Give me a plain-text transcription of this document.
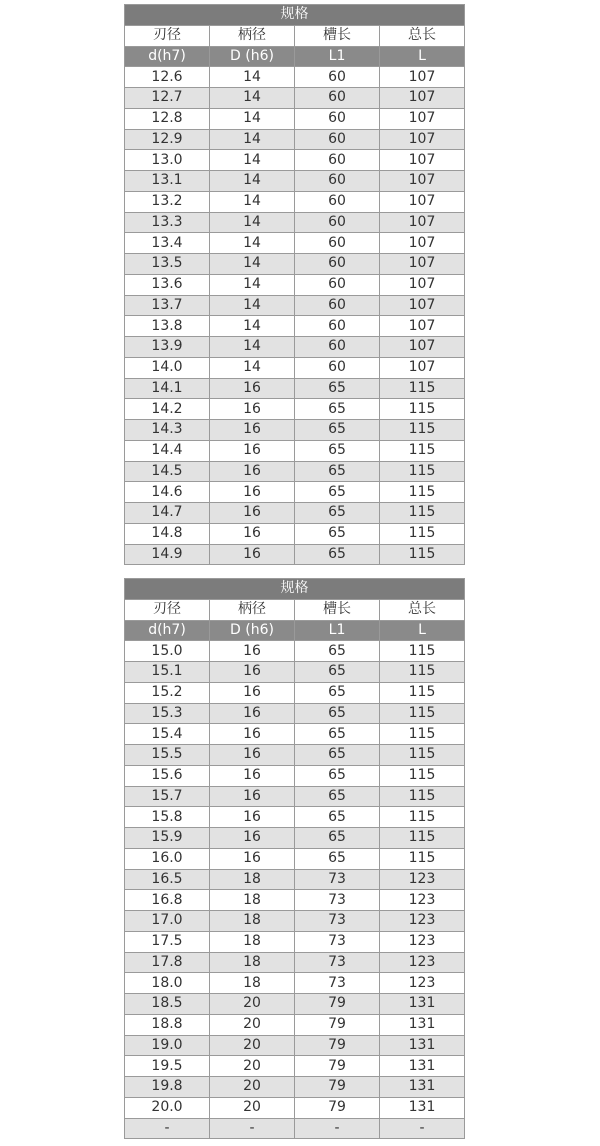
规格			
刃径	柄径	槽长	总长
d(h7)	D (h6)	L1	L
12.6	14	60	107
12.7	14	60	107
12.8	14	60	107
12.9	14	60	107
13.0	14	60	107
13.1	14	60	107
13.2	14	60	107
13.3	14	60	107
13.4	14	60	107
13.5	14	60	107
13.6	14	60	107
13.7	14	60	107
13.8	14	60	107
13.9	14	60	107
14.0	14	60	107
14.1	16	65	115
14.2	16	65	115
14.3	16	65	115
14.4	16	65	115
14.5	16	65	115
14.6	16	65	115
14.7	16	65	115
14.8	16	65	115
14.9	16	65	115
规格			
刃径	柄径	槽长	总长
d(h7)	D (h6)	L1	L
15.0	16	65	115
15.1	16	65	115
15.2	16	65	115
15.3	16	65	115
15.4	16	65	115
15.5	16	65	115
15.6	16	65	115
15.7	16	65	115
15.8	16	65	115
15.9	16	65	115
16.0	16	65	115
16.5	18	73	123
16.8	18	73	123
17.0	18	73	123
17.5	18	73	123
17.8	18	73	123
18.0	18	73	123
18.5	20	79	131
18.8	20	79	131
19.0	20	79	131
19.5	20	79	131
19.8	20	79	131
20.0	20	79	131
-	-	-	-
